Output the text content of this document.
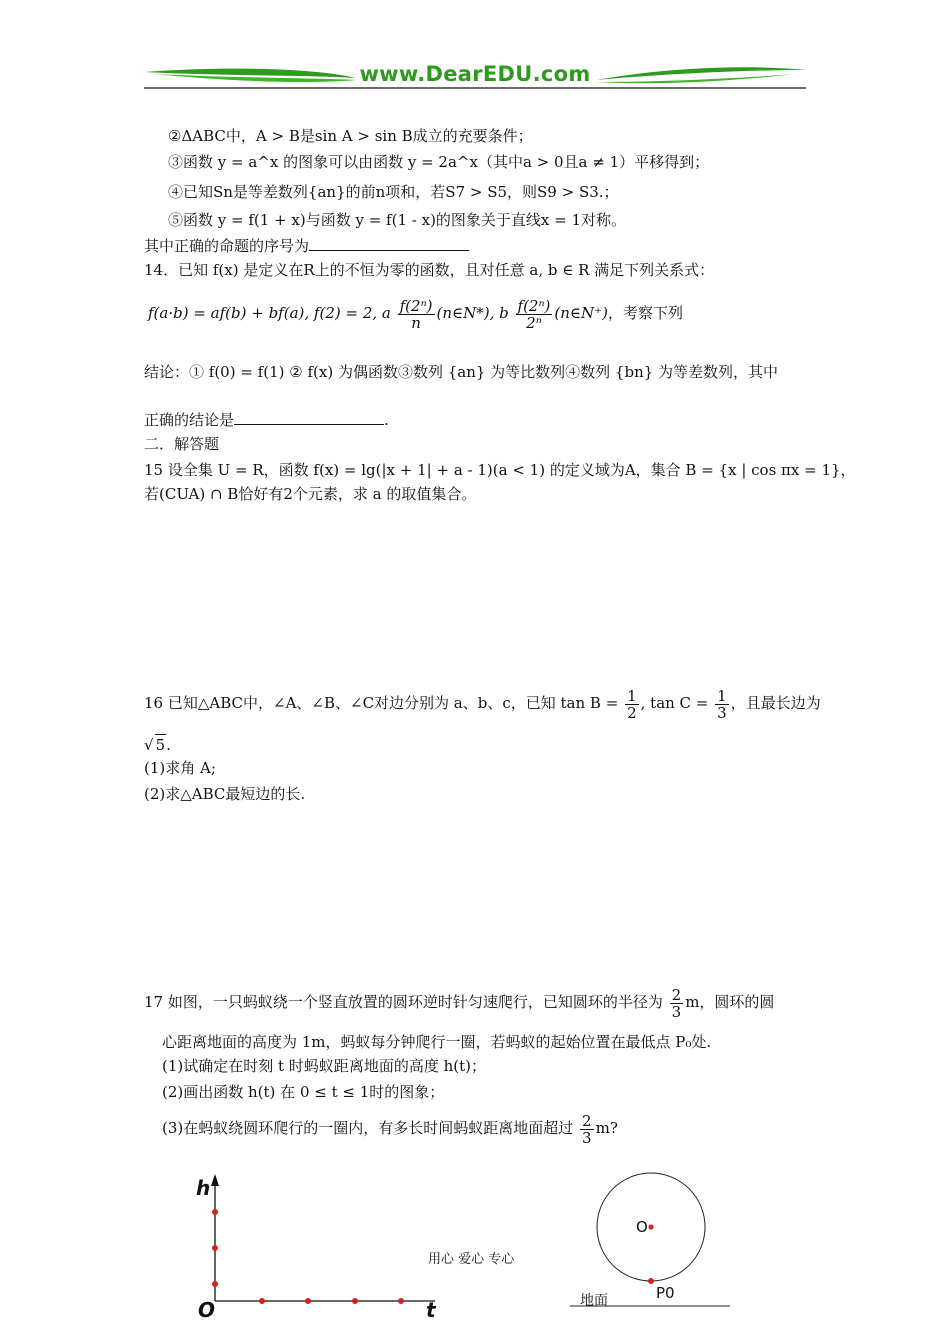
www.DearEDU.com
②ΔABC中，A > B是sin A > sin B成立的充要条件；
③函数 y = a^x 的图象可以由函数 y = 2a^x（其中a > 0且a ≠ 1）平移得到；
④已知Sn是等差数列{an}的前n项和，若S7 > S5，则S9 > S3.；
⑤函数 y = f(1 + x)与函数 y = f(1 - x)的图象关于直线x = 1对称。
其中正确的命题的序号为
14．已知 f(x) 是定义在R上的不恒为零的函数，且对任意 a, b ∈ R 满足下列关系式：
f(a·b) = af(b) + bf(a), f(2) = 2, a $\frac{\text{f(2ⁿ)}}{n}$ (n∈N*), b $\frac{\text{f(2ⁿ)}}{\text{2ⁿ}}$ (n∈N⁺)，考察下列
结论：① f(0) = f(1) ② f(x) 为偶函数③数列 {an} 为等比数列④数列 {bn} 为等差数列，其中
正确的结论是	.
二．解答题
15 设全集 U = R，函数 f(x) = lg(|x + 1| + a - 1)(a < 1) 的定义域为A，集合 B = {x | cos πx = 1}，
若(CUA) ∩ B恰好有2个元素，求 a 的取值集合。
16 已知△ABC中，∠A、∠B、∠C对边分别为 a、b、c，已知 $\tan B = \frac{1}{2}$ , $\tan C = \frac{1}{3}$ ，且最长边为
√ 5.
(1)求角 A;
(2)求△ABC最短边的长.
17 如图，一只蚂蚁绕一个竖直放置的圆环逆时针匀速爬行，已知圆环的半径为 $\frac{2}{3}$ m，圆环的圆
心距离地面的高度为 1m，蚂蚁每分钟爬行一圈，若蚂蚁的起始位置在最低点 P₀处.
(1)试确定在时刻 t 时蚂蚁距离地面的高度 h(t)；
(2)画出函数 h(t) 在 0 ≤ t ≤ 1时的图象；
(3)在蚂蚁绕圆环爬行的一圈内，有多长时间蚂蚁距离地面超过 $\frac{2}{3} m$?
h
t
O
用心 爱心 专心
O
P0
地面
